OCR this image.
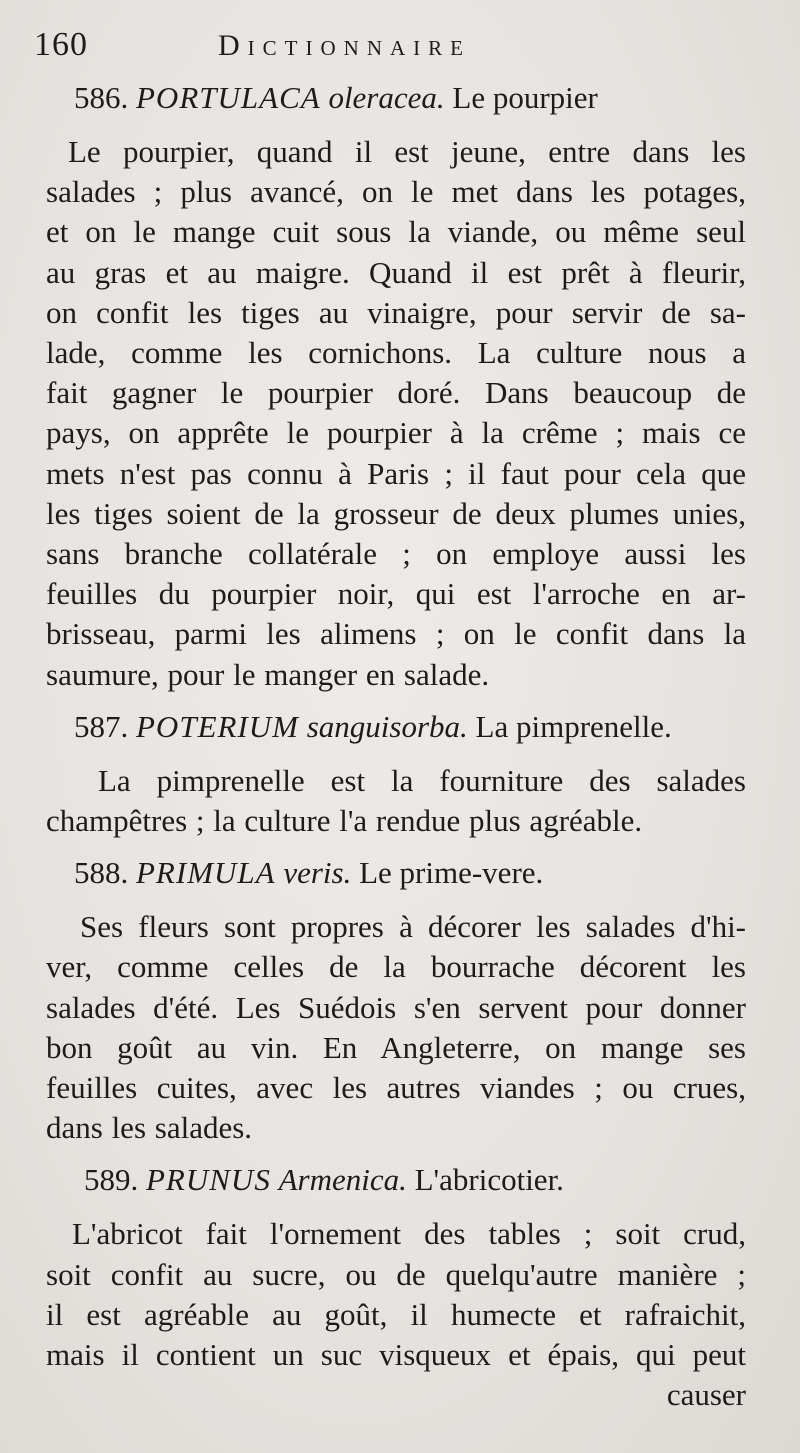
160	Dictionnaire

586. PORTULACA oleracea. Le pourpier

Le pourpier, quand il est jeune, entre dans les
salades ; plus avancé, on le met dans les potages,
et on le mange cuit sous la viande, ou même seul
au gras et au maigre. Quand il est prêt à fleurir,
on confit les tiges au vinaigre, pour servir de sa-
lade, comme les cornichons. La culture nous a
fait gagner le pourpier doré. Dans beaucoup de
pays, on apprête le pourpier à la crême ; mais ce
mets n'est pas connu à Paris ; il faut pour cela que
les tiges soient de la grosseur de deux plumes unies,
sans branche collatérale ; on employe aussi les
feuilles du pourpier noir, qui est l'arroche en ar-
brisseau, parmi les alimens ; on le confit dans la
saumure, pour le manger en salade.

587. POTERIUM sanguisorba. La pimprenelle.

La pimprenelle est la fourniture des salades
champêtres ; la culture l'a rendue plus agréable.

588. PRIMULA veris. Le prime-vere.

Ses fleurs sont propres à décorer les salades d'hi-
ver, comme celles de la bourrache décorent les
salades d'été. Les Suédois s'en servent pour donner
bon goût au vin. En Angleterre, on mange ses
feuilles cuites, avec les autres viandes ; ou crues,
dans les salades.

589. PRUNUS Armenica. L'abricotier.

L'abricot fait l'ornement des tables ; soit crud,
soit confit au sucre, ou de quelqu'autre manière ;
il est agréable au goût, il humecte et rafraichit,
mais il contient un suc visqueux et épais, qui peut
causer
